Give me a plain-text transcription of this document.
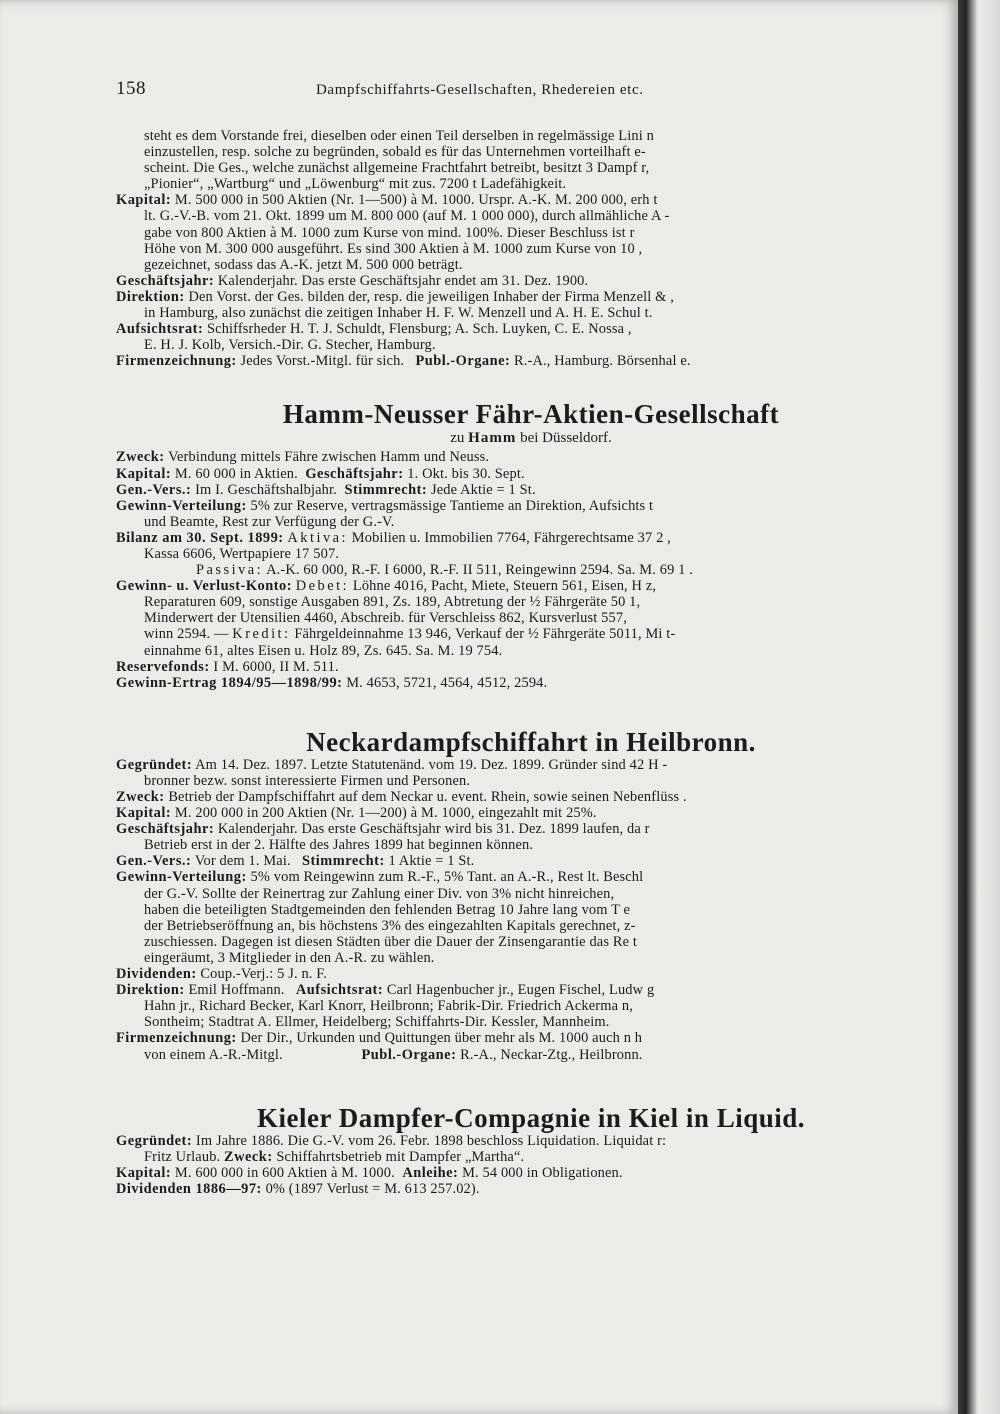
158	Dampfschiffahrts-Gesellschaften, Rhedereien etc.
steht es dem Vorstande frei, dieselben oder einen Teil derselben in regelmässige Lini n
einzustellen, resp. solche zu begründen, sobald es für das Unternehmen vorteilhaft e-
scheint. Die Ges., welche zunächst allgemeine Frachtfahrt betreibt, besitzt 3 Dampf r,
„Pionier“, „Wartburg“ und „Löwenburg“ mit zus. 7200 t Ladefähigkeit.
Kapital: M. 500 000 in 500 Aktien (Nr. 1—500) à M. 1000. Urspr. A.-K. M. 200 000, erh t
lt. G.-V.-B. vom 21. Okt. 1899 um M. 800 000 (auf M. 1 000 000), durch allmähliche A -
gabe von 800 Aktien à M. 1000 zum Kurse von mind. 100%. Dieser Beschluss ist r
Höhe von M. 300 000 ausgeführt. Es sind 300 Aktien à M. 1000 zum Kurse von 10 ,
gezeichnet, sodass das A.-K. jetzt M. 500 000 beträgt.
Geschäftsjahr: Kalenderjahr. Das erste Geschäftsjahr endet am 31. Dez. 1900.
Direktion: Den Vorst. der Ges. bilden der, resp. die jeweiligen Inhaber der Firma Menzell & ,
in Hamburg, also zunächst die zeitigen Inhaber H. F. W. Menzell und A. H. E. Schul t.
Aufsichtsrat: Schiffsrheder H. T. J. Schuldt, Flensburg; A. Sch. Luyken, C. E. Nossa ,
E. H. J. Kolb, Versich.-Dir. G. Stecher, Hamburg.
Firmenzeichnung: Jedes Vorst.-Mitgl. für sich. Publ.-Organe: R.-A., Hamburg. Börsenhal e.
Hamm-Neusser Fähr-Aktien-Gesellschaft
zu Hamm bei Düsseldorf.
Zweck: Verbindung mittels Fähre zwischen Hamm und Neuss.
Kapital: M. 60 000 in Aktien. Geschäftsjahr: 1. Okt. bis 30. Sept.
Gen.-Vers.: Im I. Geschäftshalbjahr. Stimmrecht: Jede Aktie = 1 St.
Gewinn-Verteilung: 5% zur Reserve, vertragsmässige Tantieme an Direktion, Aufsichts t
und Beamte, Rest zur Verfügung der G.-V.
Bilanz am 30. Sept. 1899: Aktiva: Mobilien u. Immobilien 7764, Fährgerechtsame 37 2 ,
Kassa 6606, Wertpapiere 17 507.
Passiva: A.-K. 60 000, R.-F. I 6000, R.-F. II 511, Reingewinn 2594. Sa. M. 69 1 .
Gewinn- u. Verlust-Konto: Debet: Löhne 4016, Pacht, Miete, Steuern 561, Eisen, H z,
Reparaturen 609, sonstige Ausgaben 891, Zs. 189, Abtretung der ½ Fährgeräte 50 1,
Minderwert der Utensilien 4460, Abschreib. für Verschleiss 862, Kursverlust 557,
winn 2594. — Kredit: Fährgeldeinnahme 13 946, Verkauf der ½ Fährgeräte 5011, Mi t-
einnahme 61, altes Eisen u. Holz 89, Zs. 645. Sa. M. 19 754.
Reservefonds: I M. 6000, II M. 511.
Gewinn-Ertrag 1894/95—1898/99: M. 4653, 5721, 4564, 4512, 2594.
Neckardampfschiffahrt in Heilbronn.
Gegründet: Am 14. Dez. 1897. Letzte Statutenänd. vom 19. Dez. 1899. Gründer sind 42 H -
bronner bezw. sonst interessierte Firmen und Personen.
Zweck: Betrieb der Dampfschiffahrt auf dem Neckar u. event. Rhein, sowie seinen Nebenflüss .
Kapital: M. 200 000 in 200 Aktien (Nr. 1—200) à M. 1000, eingezahlt mit 25%.
Geschäftsjahr: Kalenderjahr. Das erste Geschäftsjahr wird bis 31. Dez. 1899 laufen, da r
Betrieb erst in der 2. Hälfte des Jahres 1899 hat beginnen können.
Gen.-Vers.: Vor dem 1. Mai. Stimmrecht: 1 Aktie = 1 St.
Gewinn-Verteilung: 5% vom Reingewinn zum R.-F., 5% Tant. an A.-R., Rest lt. Beschl
der G.-V. Sollte der Reinertrag zur Zahlung einer Div. von 3% nicht hinreichen,
haben die beteiligten Stadtgemeinden den fehlenden Betrag 10 Jahre lang vom T e
der Betriebseröffnung an, bis höchstens 3% des eingezahlten Kapitals gerechnet, z-
zuschiessen. Dagegen ist diesen Städten über die Dauer der Zinsengarantie das Re t
eingeräumt, 3 Mitglieder in den A.-R. zu wählen.
Dividenden: Coup.-Verj.: 5 J. n. F.
Direktion: Emil Hoffmann. Aufsichtsrat: Carl Hagenbucher jr., Eugen Fischel, Ludw g
Hahn jr., Richard Becker, Karl Knorr, Heilbronn; Fabrik-Dir. Friedrich Ackerma n,
Sontheim; Stadtrat A. Ellmer, Heidelberg; Schiffahrts-Dir. Kessler, Mannheim.
Firmenzeichnung: Der Dir., Urkunden und Quittungen über mehr als M. 1000 auch n h
von einem A.-R.-Mitgl.	Publ.-Organe: R.-A., Neckar-Ztg., Heilbronn.
Kieler Dampfer-Compagnie in Kiel in Liquid.
Gegründet: Im Jahre 1886. Die G.-V. vom 26. Febr. 1898 beschloss Liquidation. Liquidat r:
Fritz Urlaub. Zweck: Schiffahrtsbetrieb mit Dampfer „Martha“.
Kapital: M. 600 000 in 600 Aktien à M. 1000. Anleihe: M. 54 000 in Obligationen.
Dividenden 1886—97: 0% (1897 Verlust = M. 613 257.02).
